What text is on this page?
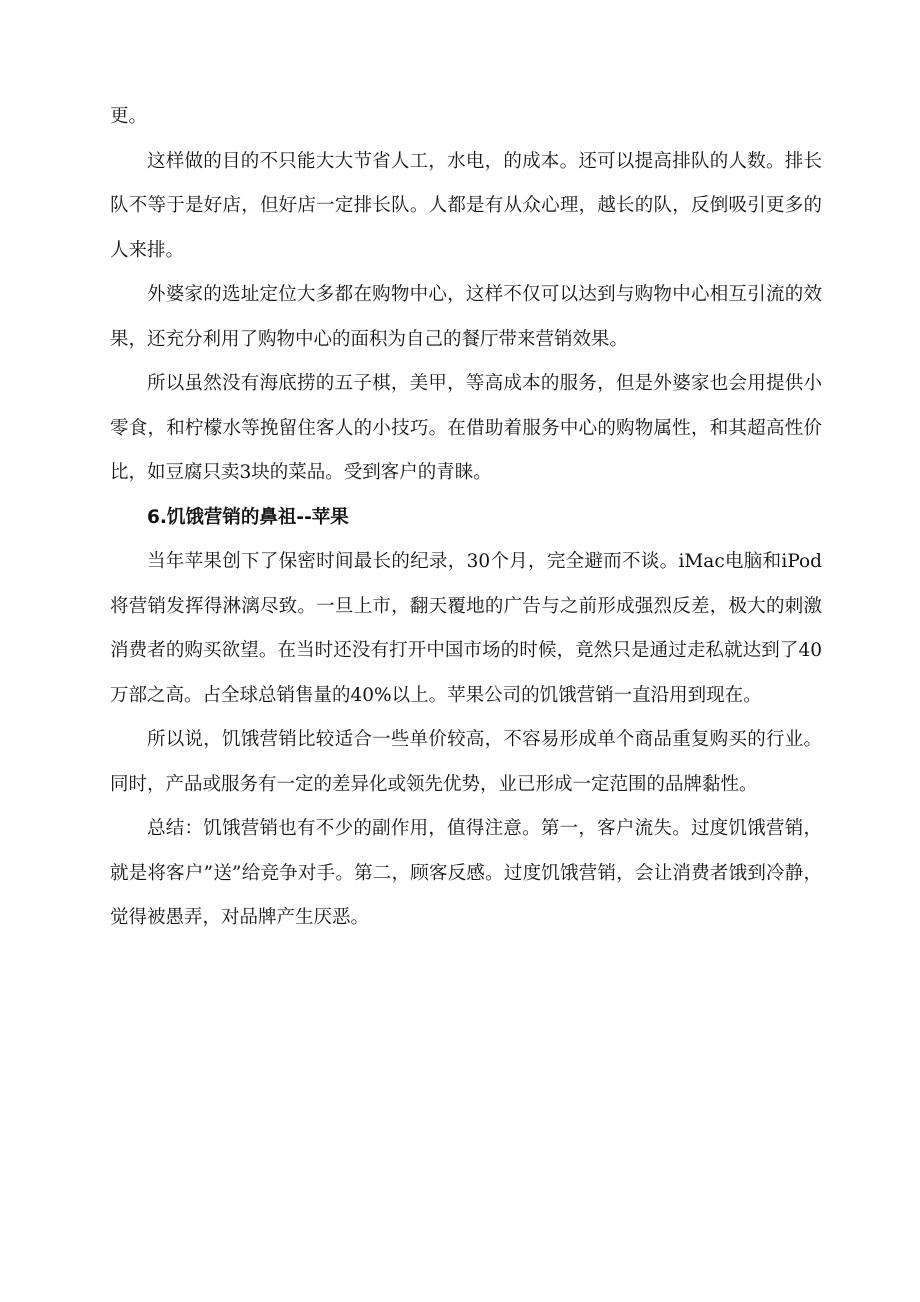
更。

这样做的目的不只能大大节省人工，水电，的成本。还可以提高排队的人数。排长队不等于是好店，但好店一定排长队。人都是有从众心理，越长的队，反倒吸引更多的人来排。

外婆家的选址定位大多都在购物中心，这样不仅可以达到与购物中心相互引流的效果，还充分利用了购物中心的面积为自己的餐厅带来营销效果。

所以虽然没有海底捞的五子棋，美甲，等高成本的服务，但是外婆家也会用提供小零食，和柠檬水等挽留住客人的小技巧。在借助着服务中心的购物属性，和其超高性价比，如豆腐只卖3块的菜品。受到客户的青睐。

6.饥饿营销的鼻祖--苹果

当年苹果创下了保密时间最长的纪录，30个月，完全避而不谈。iMac电脑和iPod将营销发挥得淋漓尽致。一旦上市，翻天覆地的广告与之前形成强烈反差，极大的刺激消费者的购买欲望。在当时还没有打开中国市场的时候，竟然只是通过走私就达到了40万部之高。占全球总销售量的40%以上。苹果公司的饥饿营销一直沿用到现在。

所以说，饥饿营销比较适合一些单价较高，不容易形成单个商品重复购买的行业。同时，产品或服务有一定的差异化或领先优势，业已形成一定范围的品牌黏性。

总结：饥饿营销也有不少的副作用，值得注意。第一，客户流失。过度饥饿营销，就是将客户”送”给竞争对手。第二，顾客反感。过度饥饿营销，会让消费者饿到冷静，觉得被愚弄，对品牌产生厌恶。
